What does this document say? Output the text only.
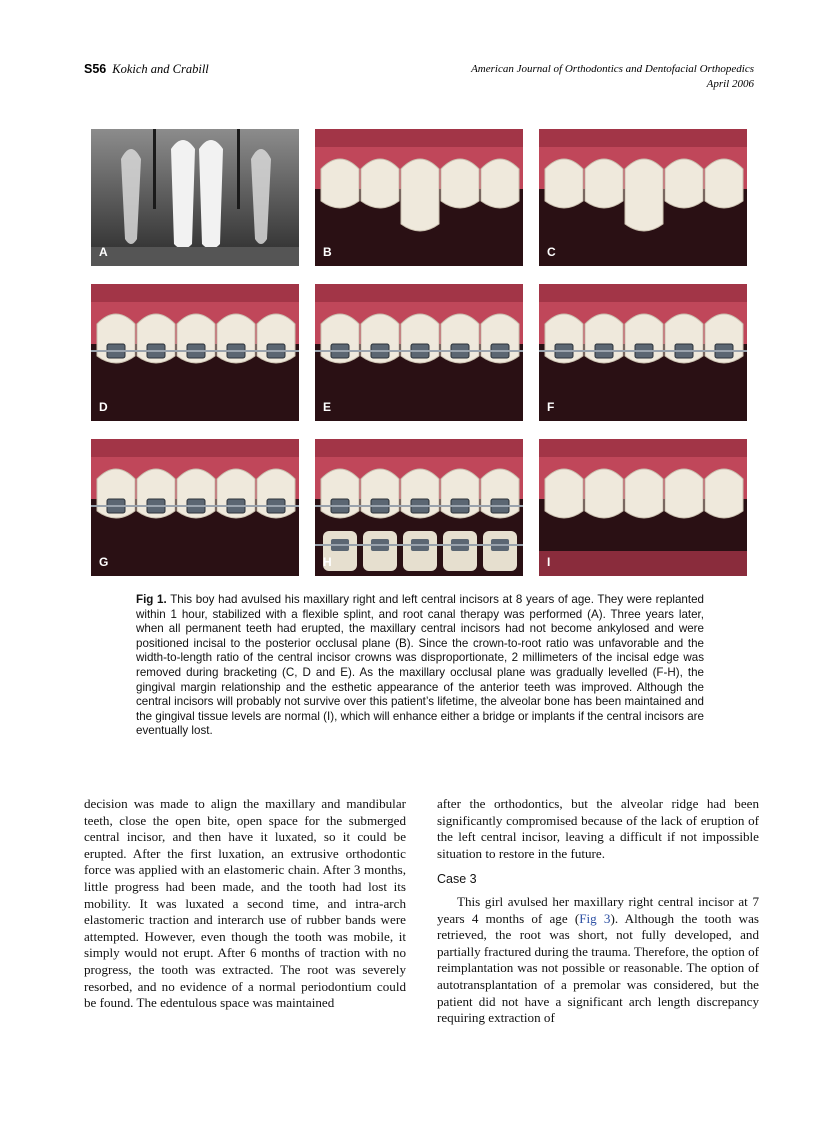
S56 Kokich and Crabill	American Journal of Orthodontics and Dentofacial Orthopedics
April 2006
A	B	C
D	E	F
G	H	I
Fig 1. This boy had avulsed his maxillary right and left central incisors at 8 years of age. They were replanted within 1 hour, stabilized with a flexible splint, and root canal therapy was performed (A). Three years later, when all permanent teeth had erupted, the maxillary central incisors had not become ankylosed and were positioned incisal to the posterior occlusal plane (B). Since the crown-to-root ratio was unfavorable and the width-to-length ratio of the central incisor crowns was disproportionate, 2 millimeters of the incisal edge was removed during bracketing (C, D and E). As the maxillary occlusal plane was gradually levelled (F-H), the gingival margin relationship and the esthetic appearance of the anterior teeth was improved. Although the central incisors will probably not survive over this patient’s lifetime, the alveolar bone has been maintained and the gingival tissue levels are normal (I), which will enhance either a bridge or implants if the central incisors are eventually lost.

decision was made to align the maxillary and mandibular teeth, close the open bite, open space for the submerged central incisor, and then have it luxated, so it could be erupted. After the first luxation, an extrusive orthodontic force was applied with an elastomeric chain. After 3 months, little progress had been made, and the tooth had lost its mobility. It was luxated a second time, and intra-arch elastomeric traction and interarch use of rubber bands were attempted. However, even though the tooth was mobile, it simply would not erupt. After 6 months of traction with no progress, the tooth was extracted. The root was severely resorbed, and no evidence of a normal periodontium could be found. The edentulous space was maintained

after the orthodontics, but the alveolar ridge had been significantly compromised because of the lack of eruption of the left central incisor, leaving a difficult if not impossible situation to restore in the future.

Case 3

This girl avulsed her maxillary right central incisor at 7 years 4 months of age (Fig 3). Although the tooth was retrieved, the root was short, not fully developed, and partially fractured during the trauma. Therefore, the option of reimplantation was not possible or reasonable. The option of autotransplantation of a premolar was considered, but the patient did not have a significant arch length discrepancy requiring extraction of
